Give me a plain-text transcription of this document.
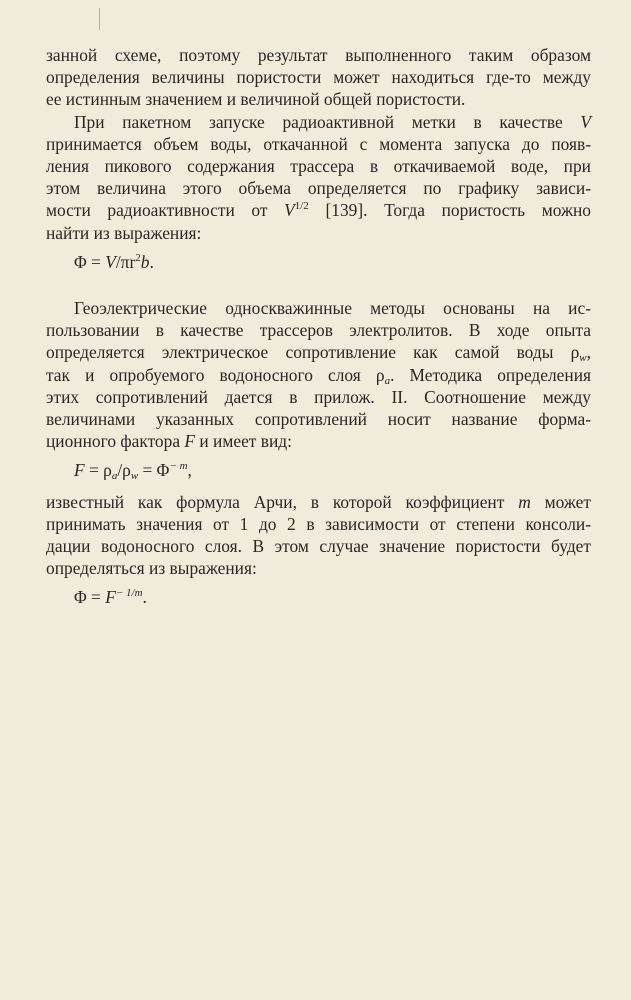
занной схеме, поэтому результат выполненного таким образом
определения величины пористости может находиться где-то между
ее истинным значением и величиной общей пористости.
При пакетном запуске радиоактивной метки в качестве V
принимается объем воды, откачанной с момента запуска до появ-
ления пикового содержания трассера в откачиваемой воде, при
этом величина этого объема определяется по графику зависи-
мости радиоактивности от $V^{1/2}$ [139]. Тогда пористость можно
найти из выражения:
$\Phi = V/\pi r^2b$.
Геоэлектрические односкважинные методы основаны на ис-
пользовании в качестве трассеров электролитов. В ходе опыта
определяется электрическое сопротивление как самой воды $\rho_w$,
так и опробуемого водоносного слоя $\rho_a$. Методика определения
этих сопротивлений дается в прилож. II. Соотношение между
величинами указанных сопротивлений носит название форма-
ционного фактора F и имеет вид:
$F = \rho_a/\rho_w = \Phi^{- m}$,
известный как формула Арчи, в которой коэффициент m может
принимать значения от 1 до 2 в зависимости от степени консоли-
дации водоносного слоя. В этом случае значение пористости будет
определяться из выражения:
$\Phi = F^{- 1/m}$.
